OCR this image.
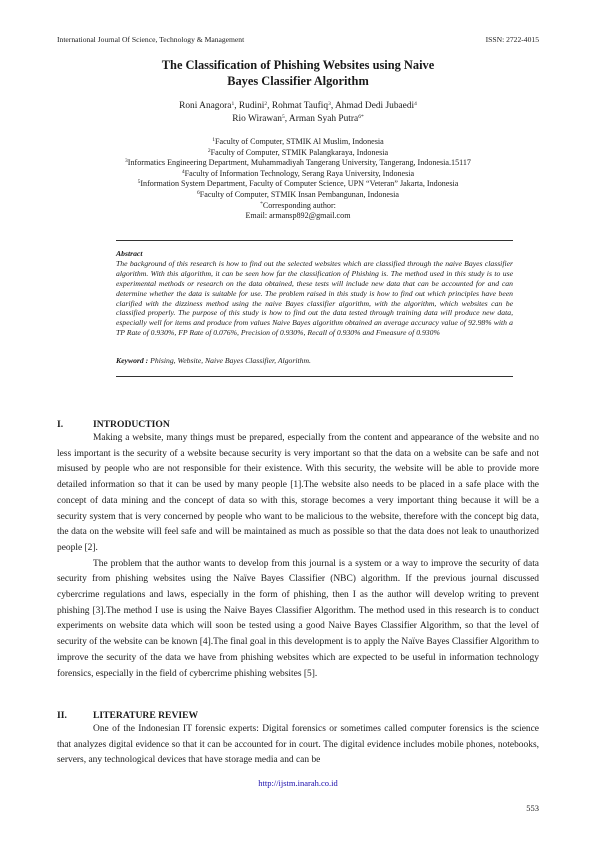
International Journal Of Science, Technology & Management	ISSN: 2722-4015
The Classification of Phishing Websites using Naive
Bayes Classifier Algorithm
Roni Anagora$^1$, Rudini$^2$, Rohmat Taufiq$^3$, Ahmad Dedi Jubaedi$^4$
Rio Wirawan$^5$, Arman Syah Putra$^{6*}$
$^1$Faculty of Computer, STMIK Al Muslim, Indonesia
$^2$Faculty of Computer, STMIK Palangkaraya, Indonesia
$^3$Informatics Engineering Department, Muhammadiyah Tangerang University, Tangerang, Indonesia.15117
$^4$Faculty of Information Technology, Serang Raya University, Indonesia
$^5$Information System Department, Faculty of Computer Science, UPN “Veteran” Jakarta, Indonesia
$^6$Faculty of Computer, STMIK Insan Pembangunan, Indonesia
*Corresponding author:
Email: armansp892@gmail.com
Abstract
The background of this research is how to find out the selected websites which are classified through the naive Bayes classifier algorithm. With this algorithm, it can be seen how far the classification of Phishing is. The method used in this study is to use experimental methods or research on the data obtained, these tests will include new data that can be accounted for and can determine whether the data is suitable for use. The problem raised in this study is how to find out which principles have been clarified with the dizziness method using the naive Bayes classifier algorithm, with the algorithm, which websites can be classified properly. The purpose of this study is how to find out the data tested through training data will produce new data, especially well for items and produce from values Naive Bayes algorithm obtained an average accuracy value of 92.98% with a TP Rate of 0.930%, FP Rate of 0.076%, Precision of 0.930%, Recall of 0.930% and Fmeasure of 0.930%
Keyword : Phising, Website, Naive Bayes Classifier, Algorithm.
I.	INTRODUCTION

Making a website, many things must be prepared, especially from the content and appearance of the website and no less important is the security of a website because security is very important so that the data on a website can be safe and not misused by people who are not responsible for their existence. With this security, the website will be able to provide more detailed information so that it can be used by many people [1].The website also needs to be placed in a safe place with the concept of data mining and the concept of data so with this, storage becomes a very important thing because it will be a security system that is very concerned by people who want to be malicious to the website, therefore with the concept big data, the data on the website will feel safe and will be maintained as much as possible so that the data does not leak to unauthorized people [2].

The problem that the author wants to develop from this journal is a system or a way to improve the security of data security from phishing websites using the Naïve Bayes Classifier (NBC) algorithm. If the previous journal discussed cybercrime regulations and laws, especially in the form of phishing, then I as the author will develop writing to prevent phishing [3].The method I use is using the Naive Bayes Classifier Algorithm. The method used in this research is to conduct experiments on website data which will soon be tested using a good Naive Bayes Classifier Algorithm, so that the level of security of the website can be known [4].The final goal in this development is to apply the Naïve Bayes Classifier Algorithm to improve the security of the data we have from phishing websites which are expected to be useful in information technology forensics, especially in the field of cybercrime phishing websites [5].

II.	LITERATURE REVIEW

One of the Indonesian IT forensic experts: Digital forensics or sometimes called computer forensics is the science that analyzes digital evidence so that it can be accounted for in court. The digital evidence includes mobile phones, notebooks, servers, any technological devices that have storage media and can be

http://ijstm.inarah.co.id
553
